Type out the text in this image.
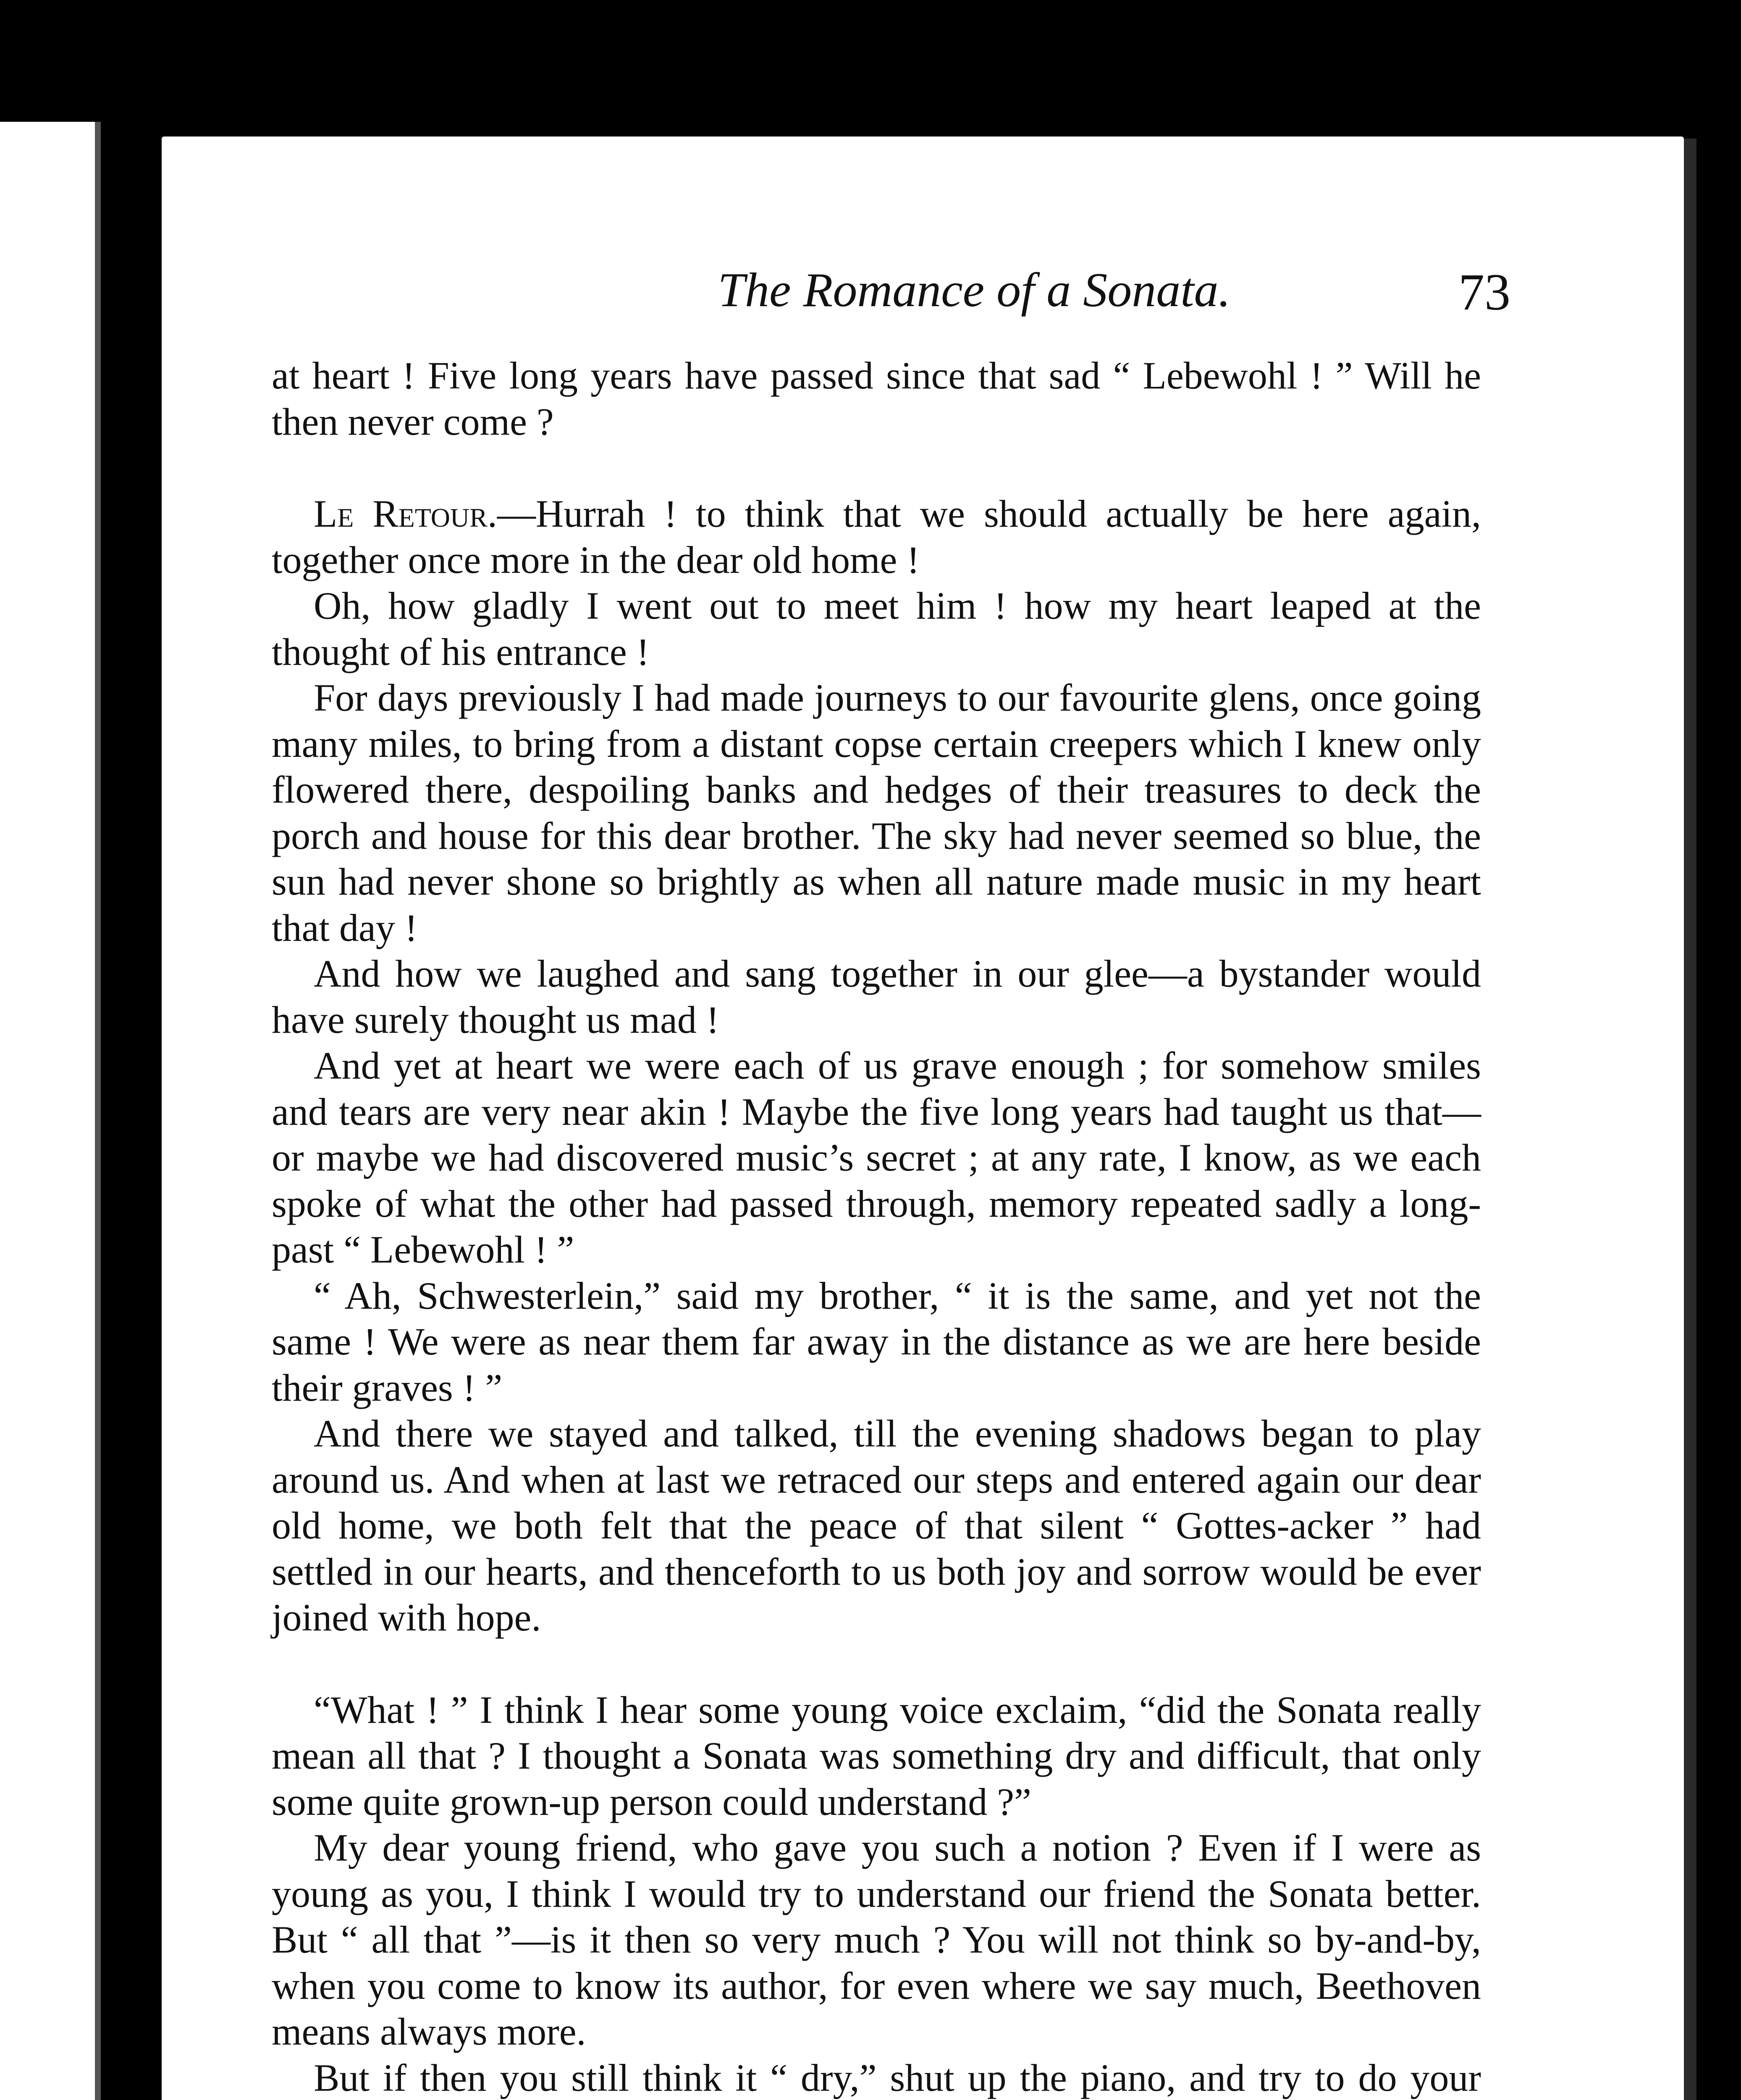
The Romance of a Sonata.	73

at heart ! Five long years have passed since that sad “ Lebewohl ! ” Will he then never come ?

Le Retour.—Hurrah ! to think that we should actually be here again, together once more in the dear old home !

Oh, how gladly I went out to meet him ! how my heart leaped at the thought of his entrance !

For days previously I had made journeys to our favourite glens, once going many miles, to bring from a distant copse certain creepers which I knew only flowered there, despoiling banks and hedges of their treasures to deck the porch and house for this dear brother. The sky had never seemed so blue, the sun had never shone so brightly as when all nature made music in my heart that day !

And how we laughed and sang together in our glee—a bystander would have surely thought us mad !

And yet at heart we were each of us grave enough ; for somehow smiles and tears are very near akin ! Maybe the five long years had taught us that—or maybe we had discovered music’s secret ; at any rate, I know, as we each spoke of what the other had passed through, memory repeated sadly a long-past “ Lebewohl ! ”

“ Ah, Schwesterlein,” said my brother, “ it is the same, and yet not the same ! We were as near them far away in the distance as we are here beside their graves ! ”

And there we stayed and talked, till the evening shadows began to play around us. And when at last we retraced our steps and entered again our dear old home, we both felt that the peace of that silent “ Gottes-acker ” had settled in our hearts, and thenceforth to us both joy and sorrow would be ever joined with hope.

“What ! ” I think I hear some young voice exclaim, “did the Sonata really mean all that ? I thought a Sonata was something dry and difficult, that only some quite grown-up person could understand ?”

My dear young friend, who gave you such a notion ? Even if I were as young as you, I think I would try to understand our friend the Sonata better. But “ all that ”—is it then so very much ? You will not think so by-and-by, when you come to know its author, for even where we say much, Beethoven means always more.

But if then you still think it “ dry,” shut up the piano, and try to do your
